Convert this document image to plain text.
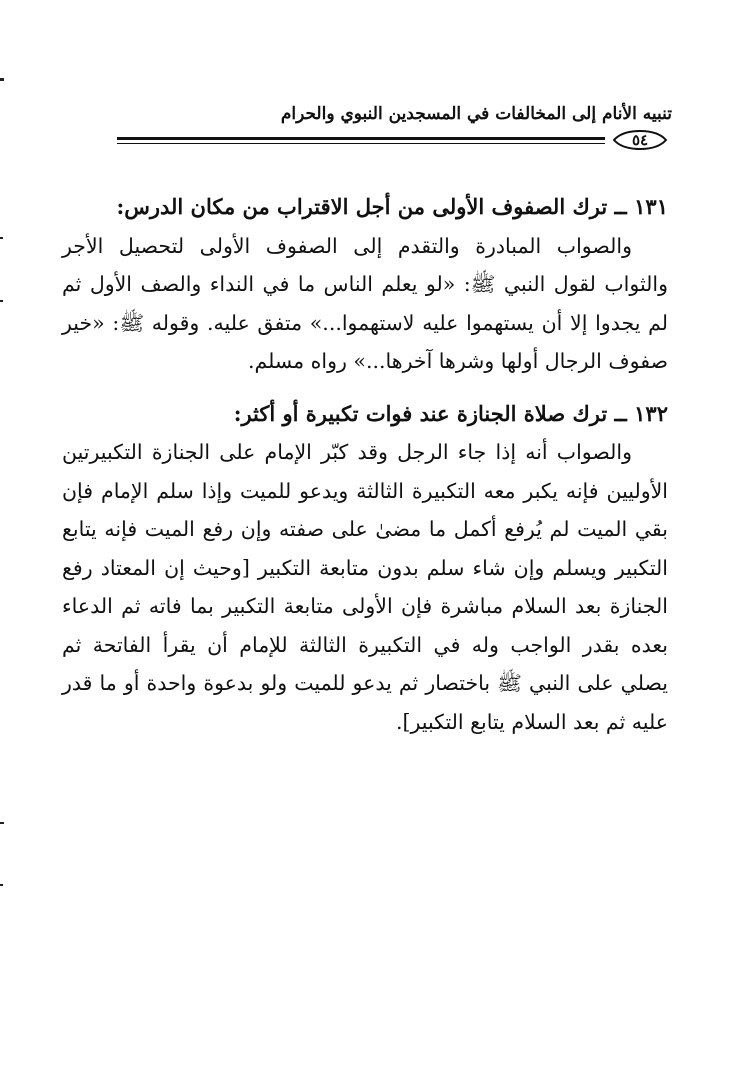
تنبيه الأنام إلى المخالفات في المسجدين النبوي والحرام
٥٤

١٣١ ــ ترك الصفوف الأولى من أجل الاقتراب من مكان الدرس:

والصواب المبادرة والتقدم إلى الصفوف الأولى لتحصيل الأجر والثواب لقول النبي ﷺ: «لو يعلم الناس ما في النداء والصف الأول ثم لم يجدوا إلا أن يستهموا عليه لاستهموا...» متفق عليه. وقوله ﷺ: «خير صفوف الرجال أولها وشرها آخرها...» رواه مسلم.

١٣٢ ــ ترك صلاة الجنازة عند فوات تكبيرة أو أكثر:

والصواب أنه إذا جاء الرجل وقد كبّر الإمام على الجنازة التكبيرتين الأوليين فإنه يكبر معه التكبيرة الثالثة ويدعو للميت وإذا سلم الإمام فإن بقي الميت لم يُرفع أكمل ما مضىٰ على صفته وإن رفع الميت فإنه يتابع التكبير ويسلم وإن شاء سلم بدون متابعة التكبير [وحيث إن المعتاد رفع الجنازة بعد السلام مباشرة فإن الأولى متابعة التكبير بما فاته ثم الدعاء بعده بقدر الواجب وله في التكبيرة الثالثة للإمام أن يقرأ الفاتحة ثم يصلي على النبي ﷺ باختصار ثم يدعو للميت ولو بدعوة واحدة أو ما قدر عليه ثم بعد السلام يتابع التكبير].
